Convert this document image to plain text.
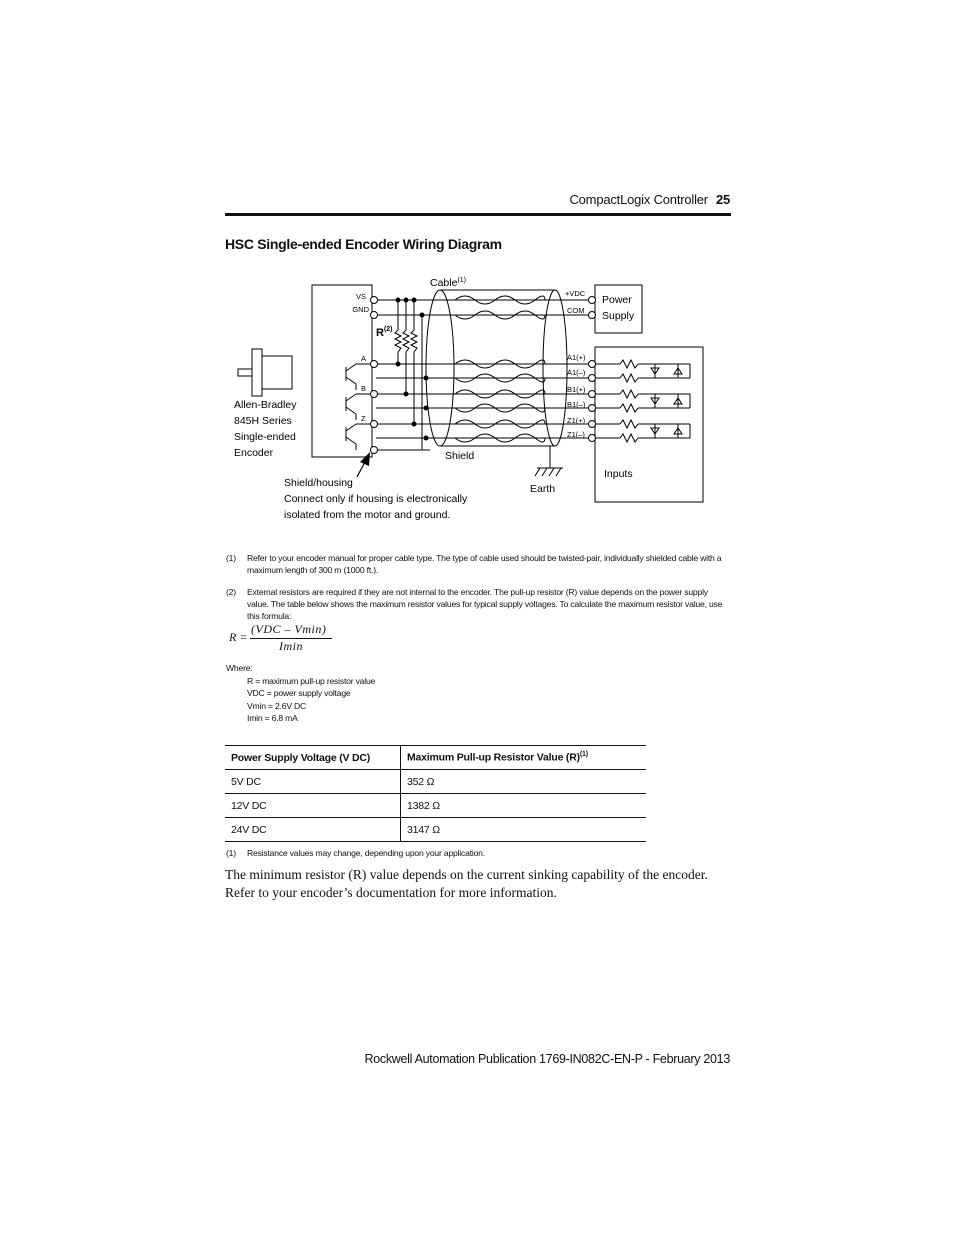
CompactLogix Controller 25
HSC Single-ended Encoder Wiring Diagram
Cable$^{(1)}$
VS
GND
A
B
Z
$R^{(2)}$
Allen-Bradley
845H Series
Single-ended
Encoder	Shield
Shield/housing
Connect only if housing is electronically
isolated from the motor and ground.
Earth
+VDC
COM
Power
Supply
A1(+)
A1(–)
B1(+)
B1(–)
Z1(+)
Z1(–)
Inputs
(1) Refer to your encoder manual for proper cable type. The type of cable used should be twisted-pair, individually shielded cable with a maximum length of 300 m (1000 ft.).
(2) External resistors are required if they are not internal to the encoder. The pull-up resistor (R) value depends on the power supply value. The table below shows the maximum resistor values for typical supply voltages. To calculate the maximum resistor value, use this formula:
R =
(VDC – Vmin)
Imin
Where:
R = maximum pull-up resistor value
VDC = power supply voltage
Vmin = 2.6V DC
Imin = 6.8 mA
Power Supply Voltage (V DC)	Maximum Pull-up Resistor Value $(R)^{(1)}$
5V DC	352 Ω
12V DC	1382 Ω
24V DC	3147 Ω
(1) Resistance values may change, depending upon your application.
The minimum resistor (R) value depends on the current sinking capability of the encoder. Refer to your encoder’s documentation for more information.
Rockwell Automation Publication 1769-IN082C-EN-P - February 2013
